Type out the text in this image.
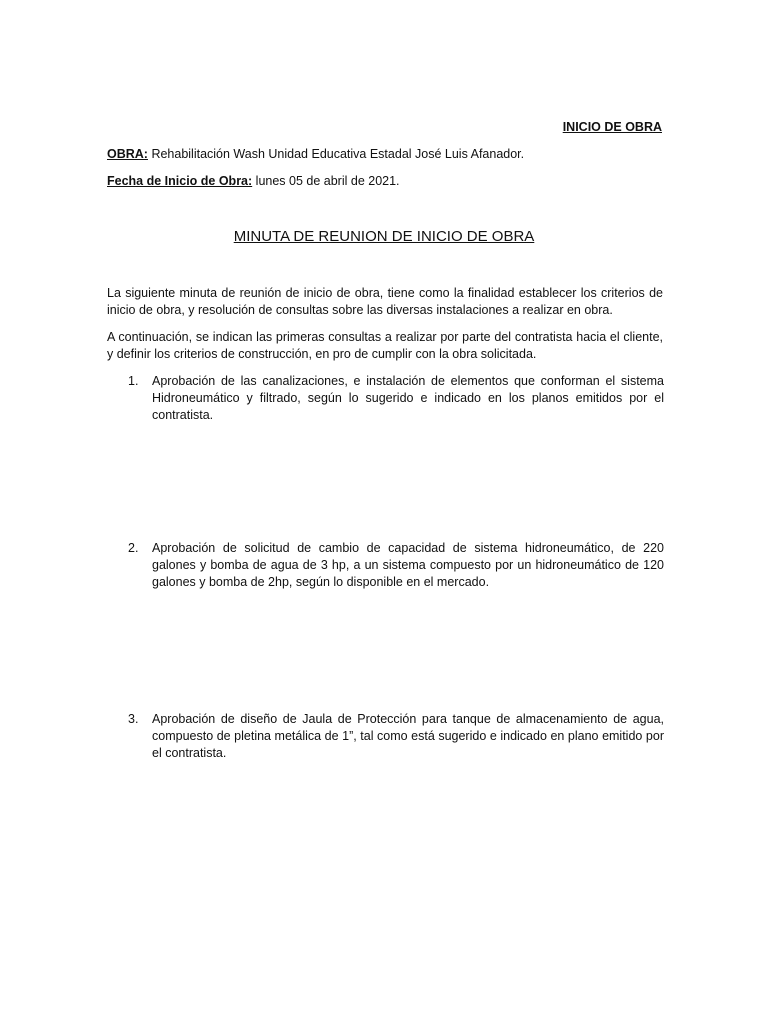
INICIO DE OBRA
OBRA: Rehabilitación Wash Unidad Educativa Estadal José Luis Afanador.
Fecha de Inicio de Obra: lunes 05 de abril de 2021.
MINUTA DE REUNION DE INICIO DE OBRA

La siguiente minuta de reunión de inicio de obra, tiene como la finalidad establecer los criterios de inicio de obra, y resolución de consultas sobre las diversas instalaciones a realizar en obra.

A continuación, se indican las primeras consultas a realizar por parte del contratista hacia el cliente, y definir los criterios de construcción, en pro de cumplir con la obra solicitada.

1.	Aprobación de las canalizaciones, e instalación de elementos que conforman el sistema Hidroneumático y filtrado, según lo sugerido e indicado en los planos emitidos por el contratista.
2.	Aprobación de solicitud de cambio de capacidad de sistema hidroneumático, de 220 galones y bomba de agua de 3 hp, a un sistema compuesto por un hidroneumático de 120 galones y bomba de 2hp, según lo disponible en el mercado.
3.	Aprobación de diseño de Jaula de Protección para tanque de almacenamiento de agua, compuesto de pletina metálica de 1”, tal como está sugerido e indicado en plano emitido por el contratista.
